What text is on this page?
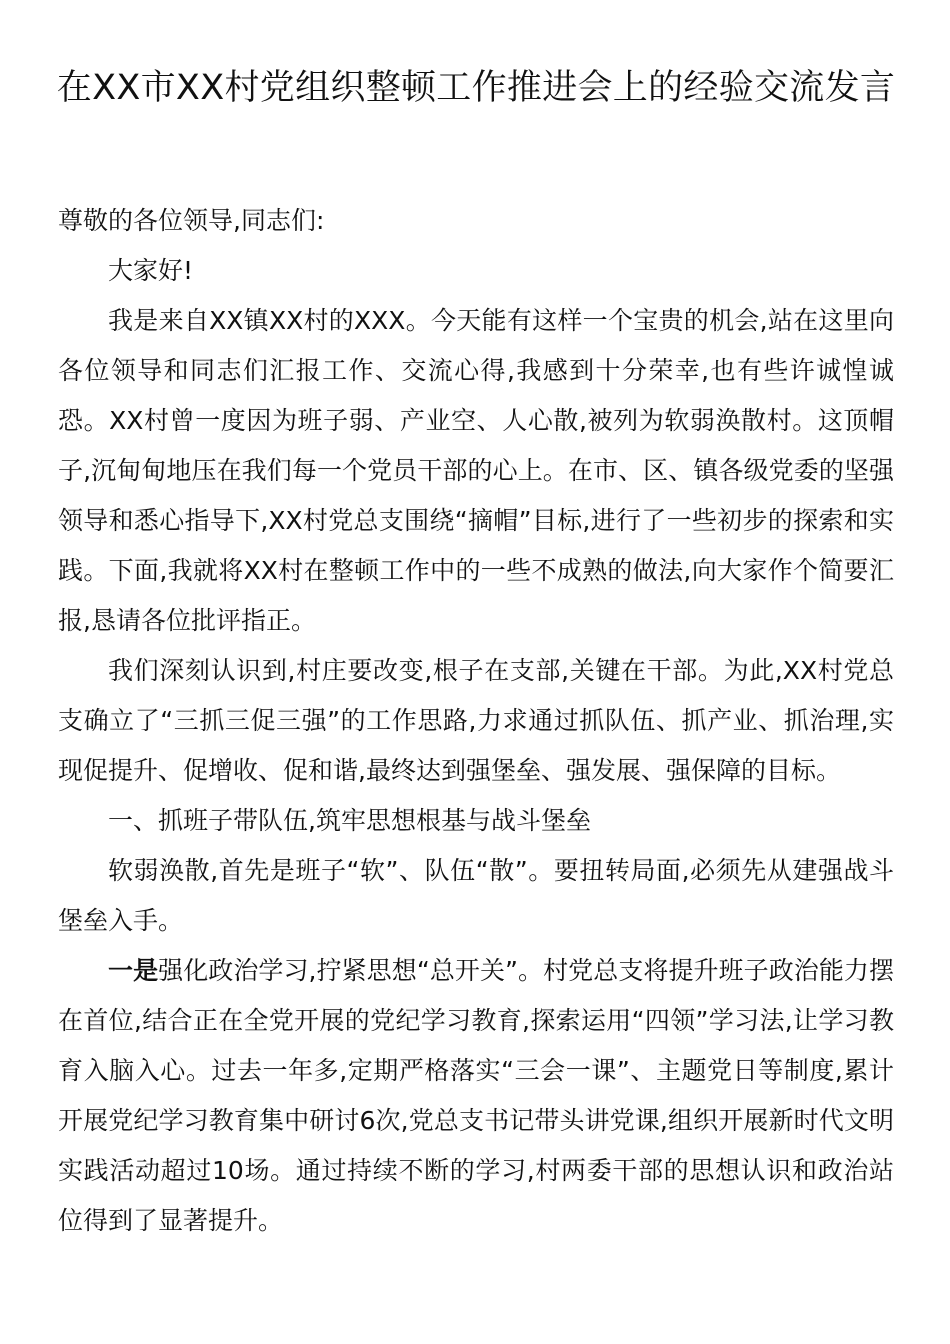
在XX市XX村党组织整顿工作推进会上的经验交流发言

尊敬的各位领导,同志们:

大家好!

我是来自XX镇XX村的XXX。今天能有这样一个宝贵的机会,站在这里向各位领导和同志们汇报工作、交流心得,我感到十分荣幸,也有些许诚惶诚恐。XX村曾一度因为班子弱、产业空、人心散,被列为软弱涣散村。这顶帽子,沉甸甸地压在我们每一个党员干部的心上。在市、区、镇各级党委的坚强领导和悉心指导下,XX村党总支围绕“摘帽”目标,进行了一些初步的探索和实践。下面,我就将XX村在整顿工作中的一些不成熟的做法,向大家作个简要汇报,恳请各位批评指正。

我们深刻认识到,村庄要改变,根子在支部,关键在干部。为此,XX村党总支确立了“三抓三促三强”的工作思路,力求通过抓队伍、抓产业、抓治理,实现促提升、促增收、促和谐,最终达到强堡垒、强发展、强保障的目标。

一、抓班子带队伍,筑牢思想根基与战斗堡垒

软弱涣散,首先是班子“软”、队伍“散”。要扭转局面,必须先从建强战斗堡垒入手。

一是强化政治学习,拧紧思想“总开关”。村党总支将提升班子政治能力摆在首位,结合正在全党开展的党纪学习教育,探索运用“四领”学习法,让学习教育入脑入心。过去一年多,定期严格落实“三会一课”、主题党日等制度,累计开展党纪学习教育集中研讨6次,党总支书记带头讲党课,组织开展新时代文明实践活动超过10场。通过持续不断的学习,村两委干部的思想认识和政治站位得到了显著提升。
